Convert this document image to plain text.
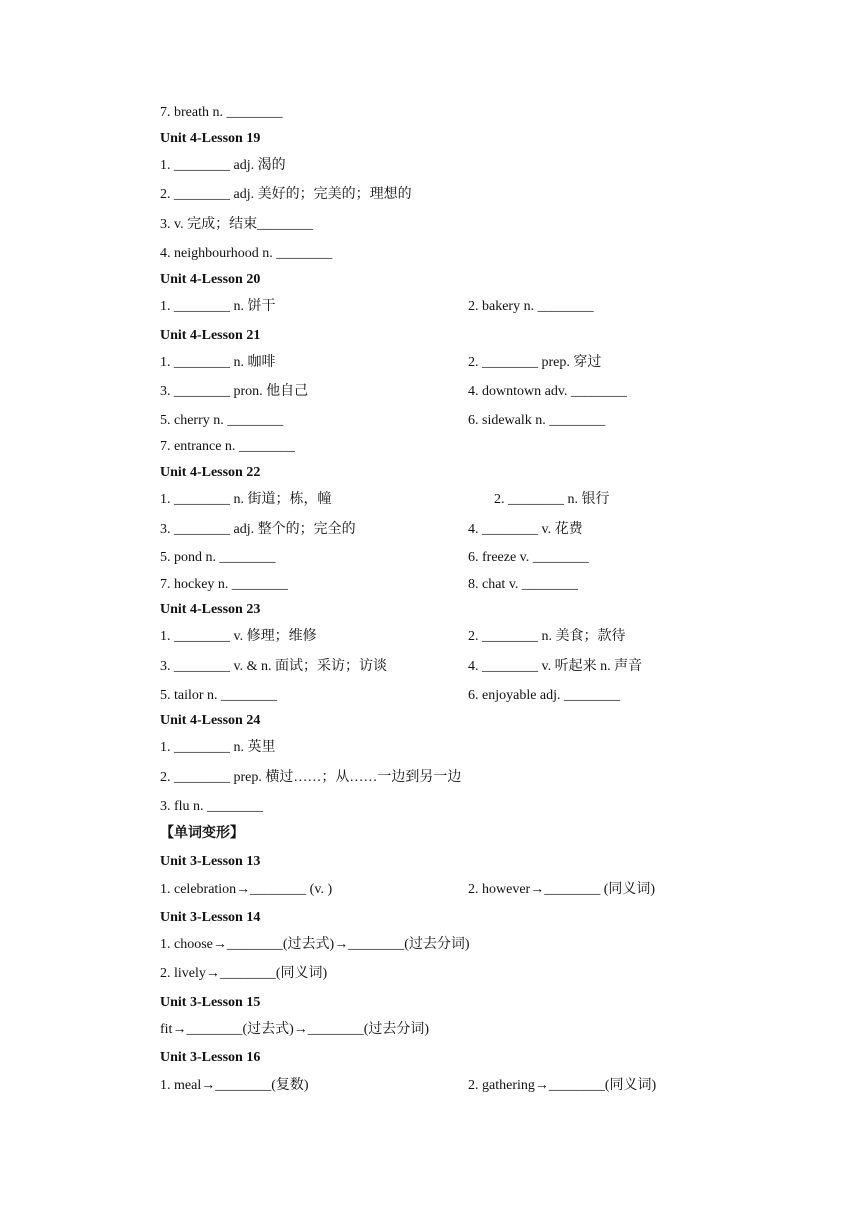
7. breath n. ________
Unit 4-Lesson 19
1. ________ adj. 渴的
2. ________ adj. 美好的；完美的；理想的
3. v. 完成；结束________
4. neighbourhood n. ________
Unit 4-Lesson 20
1. ________ n. 饼干	2. bakery n. ________
Unit 4-Lesson 21
1. ________ n. 咖啡	2. ________ prep. 穿过
3. ________ pron. 他自己	4. downtown adv. ________
5. cherry n. ________	6. sidewalk n. ________
7. entrance n. ________
Unit 4-Lesson 22
1. ________ n. 街道；栋，幢	2. ________ n. 银行
3. ________ adj. 整个的；完全的	4. ________ v. 花费
5. pond n. ________	6. freeze v. ________
7. hockey n. ________	8. chat v. ________
Unit 4-Lesson 23
1. ________ v. 修理；维修	2. ________ n. 美食；款待
3. ________ v. & n. 面试；采访；访谈	4. ________ v. 听起来 n. 声音
5. tailor n. ________	6. enjoyable adj. ________
Unit 4-Lesson 24
1. ________ n. 英里
2. ________ prep. 横过……；从……一边到另一边
3. flu n. ________
【单词变形】
Unit 3-Lesson 13
1. celebration→________ (v. )	2. however→________ (同义词)
Unit 3-Lesson 14
1. choose→________(过去式)→________(过去分词)
2. lively→________(同义词)
Unit 3-Lesson 15
fit→________(过去式)→________(过去分词)
Unit 3-Lesson 16
1. meal→________(复数)	2. gathering→________(同义词)
